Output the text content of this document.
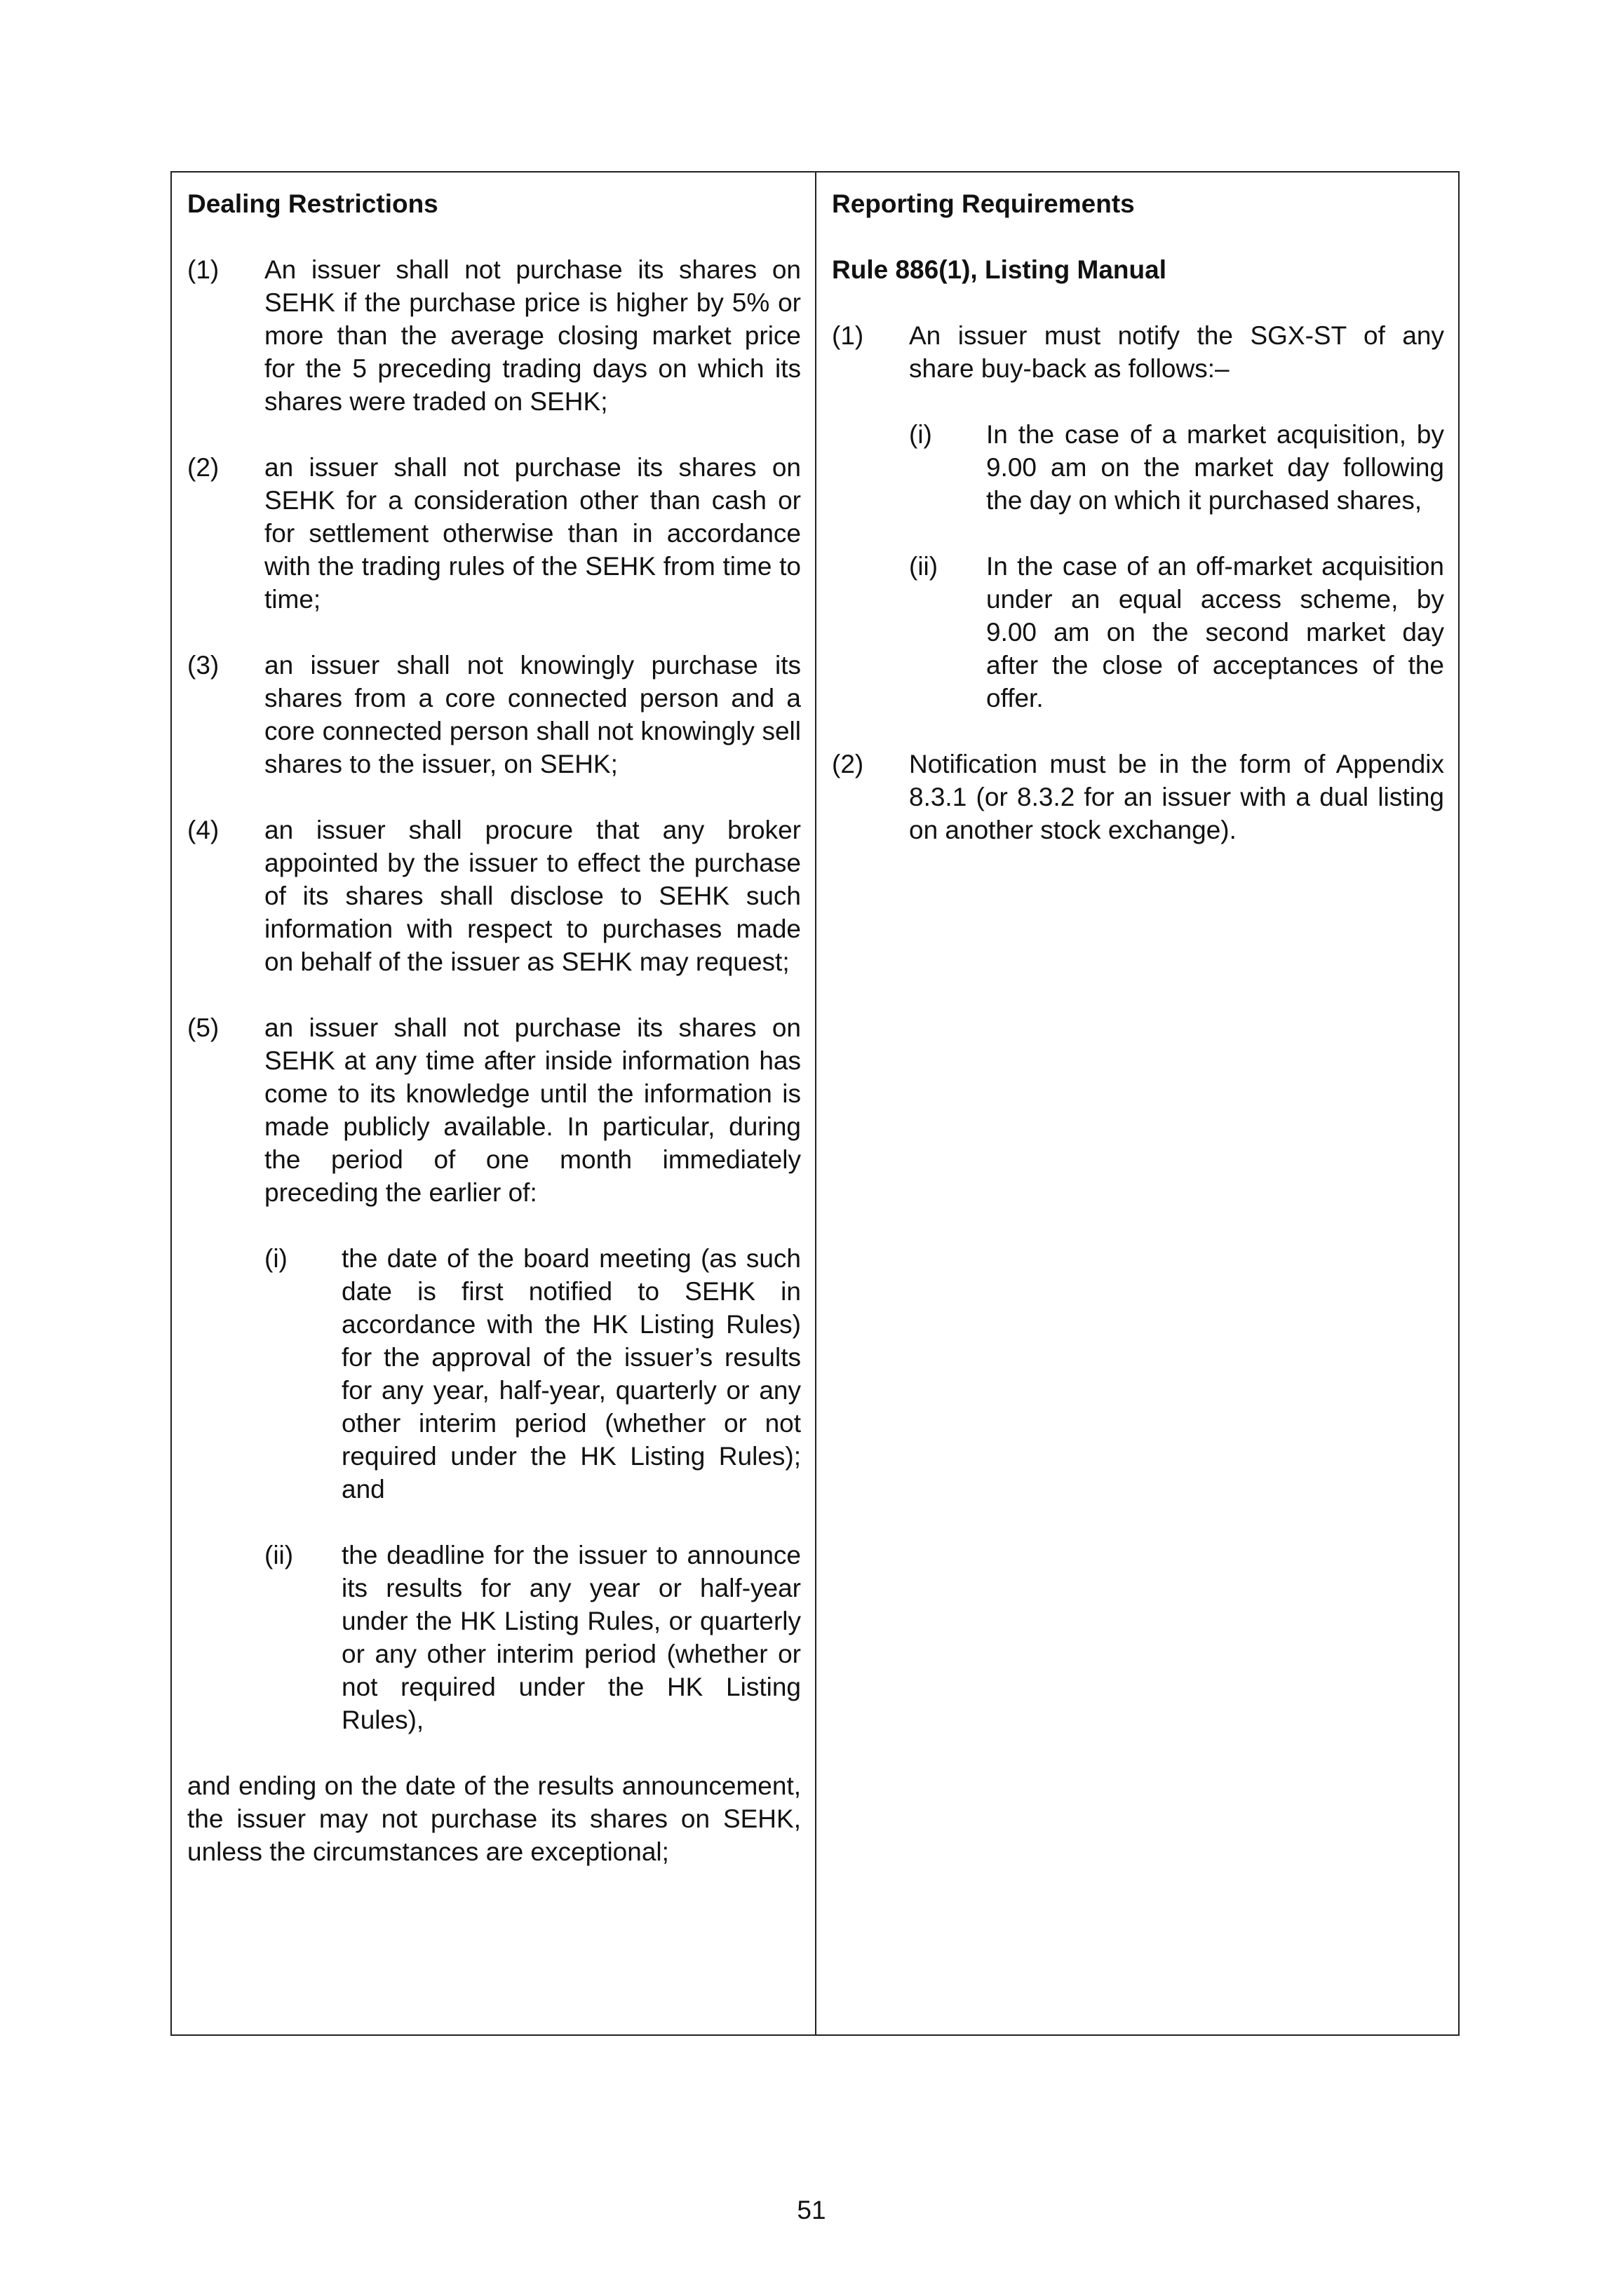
Dealing Restrictions

(1)	An issuer shall not purchase its shares on SEHK if the purchase price is higher by 5% or more than the average closing market price for the 5 preceding trading days on which its shares were traded on SEHK;
(2)	an issuer shall not purchase its shares on SEHK for a consideration other than cash or for settlement otherwise than in accordance with the trading rules of the SEHK from time to time;
(3)	an issuer shall not knowingly purchase its shares from a core connected person and a core connected person shall not knowingly sell shares to the issuer, on SEHK;
(4)	an issuer shall procure that any broker appointed by the issuer to effect the purchase of its shares shall disclose to SEHK such information with respect to purchases made on behalf of the issuer as SEHK may request;
(5)	an issuer shall not purchase its shares on SEHK at any time after inside information has come to its knowledge until the information is made publicly available. In particular, during the period of one month immediately preceding the earlier of:
(i)	the date of the board meeting (as such date is first notified to SEHK in accordance with the HK Listing Rules) for the approval of the issuer’s results for any year, half-year, quarterly or any other interim period (whether or not required under the HK Listing Rules); and
(ii)	the deadline for the issuer to announce its results for any year or half-year under the HK Listing Rules, or quarterly or any other interim period (whether or not required under the HK Listing Rules),
and ending on the date of the results announcement, the issuer may not purchase its shares on SEHK, unless the circumstances are exceptional;

Reporting Requirements

Rule 886(1), Listing Manual

(1)	An issuer must notify the SGX-ST of any share buy-back as follows:–
(i)	In the case of a market acquisition, by 9.00 am on the market day following the day on which it purchased shares,
(ii)	In the case of an off-market acquisition under an equal access scheme, by 9.00 am on the second market day after the close of acceptances of the offer.
(2)	Notification must be in the form of Appendix 8.3.1 (or 8.3.2 for an issuer with a dual listing on another stock exchange).
51
